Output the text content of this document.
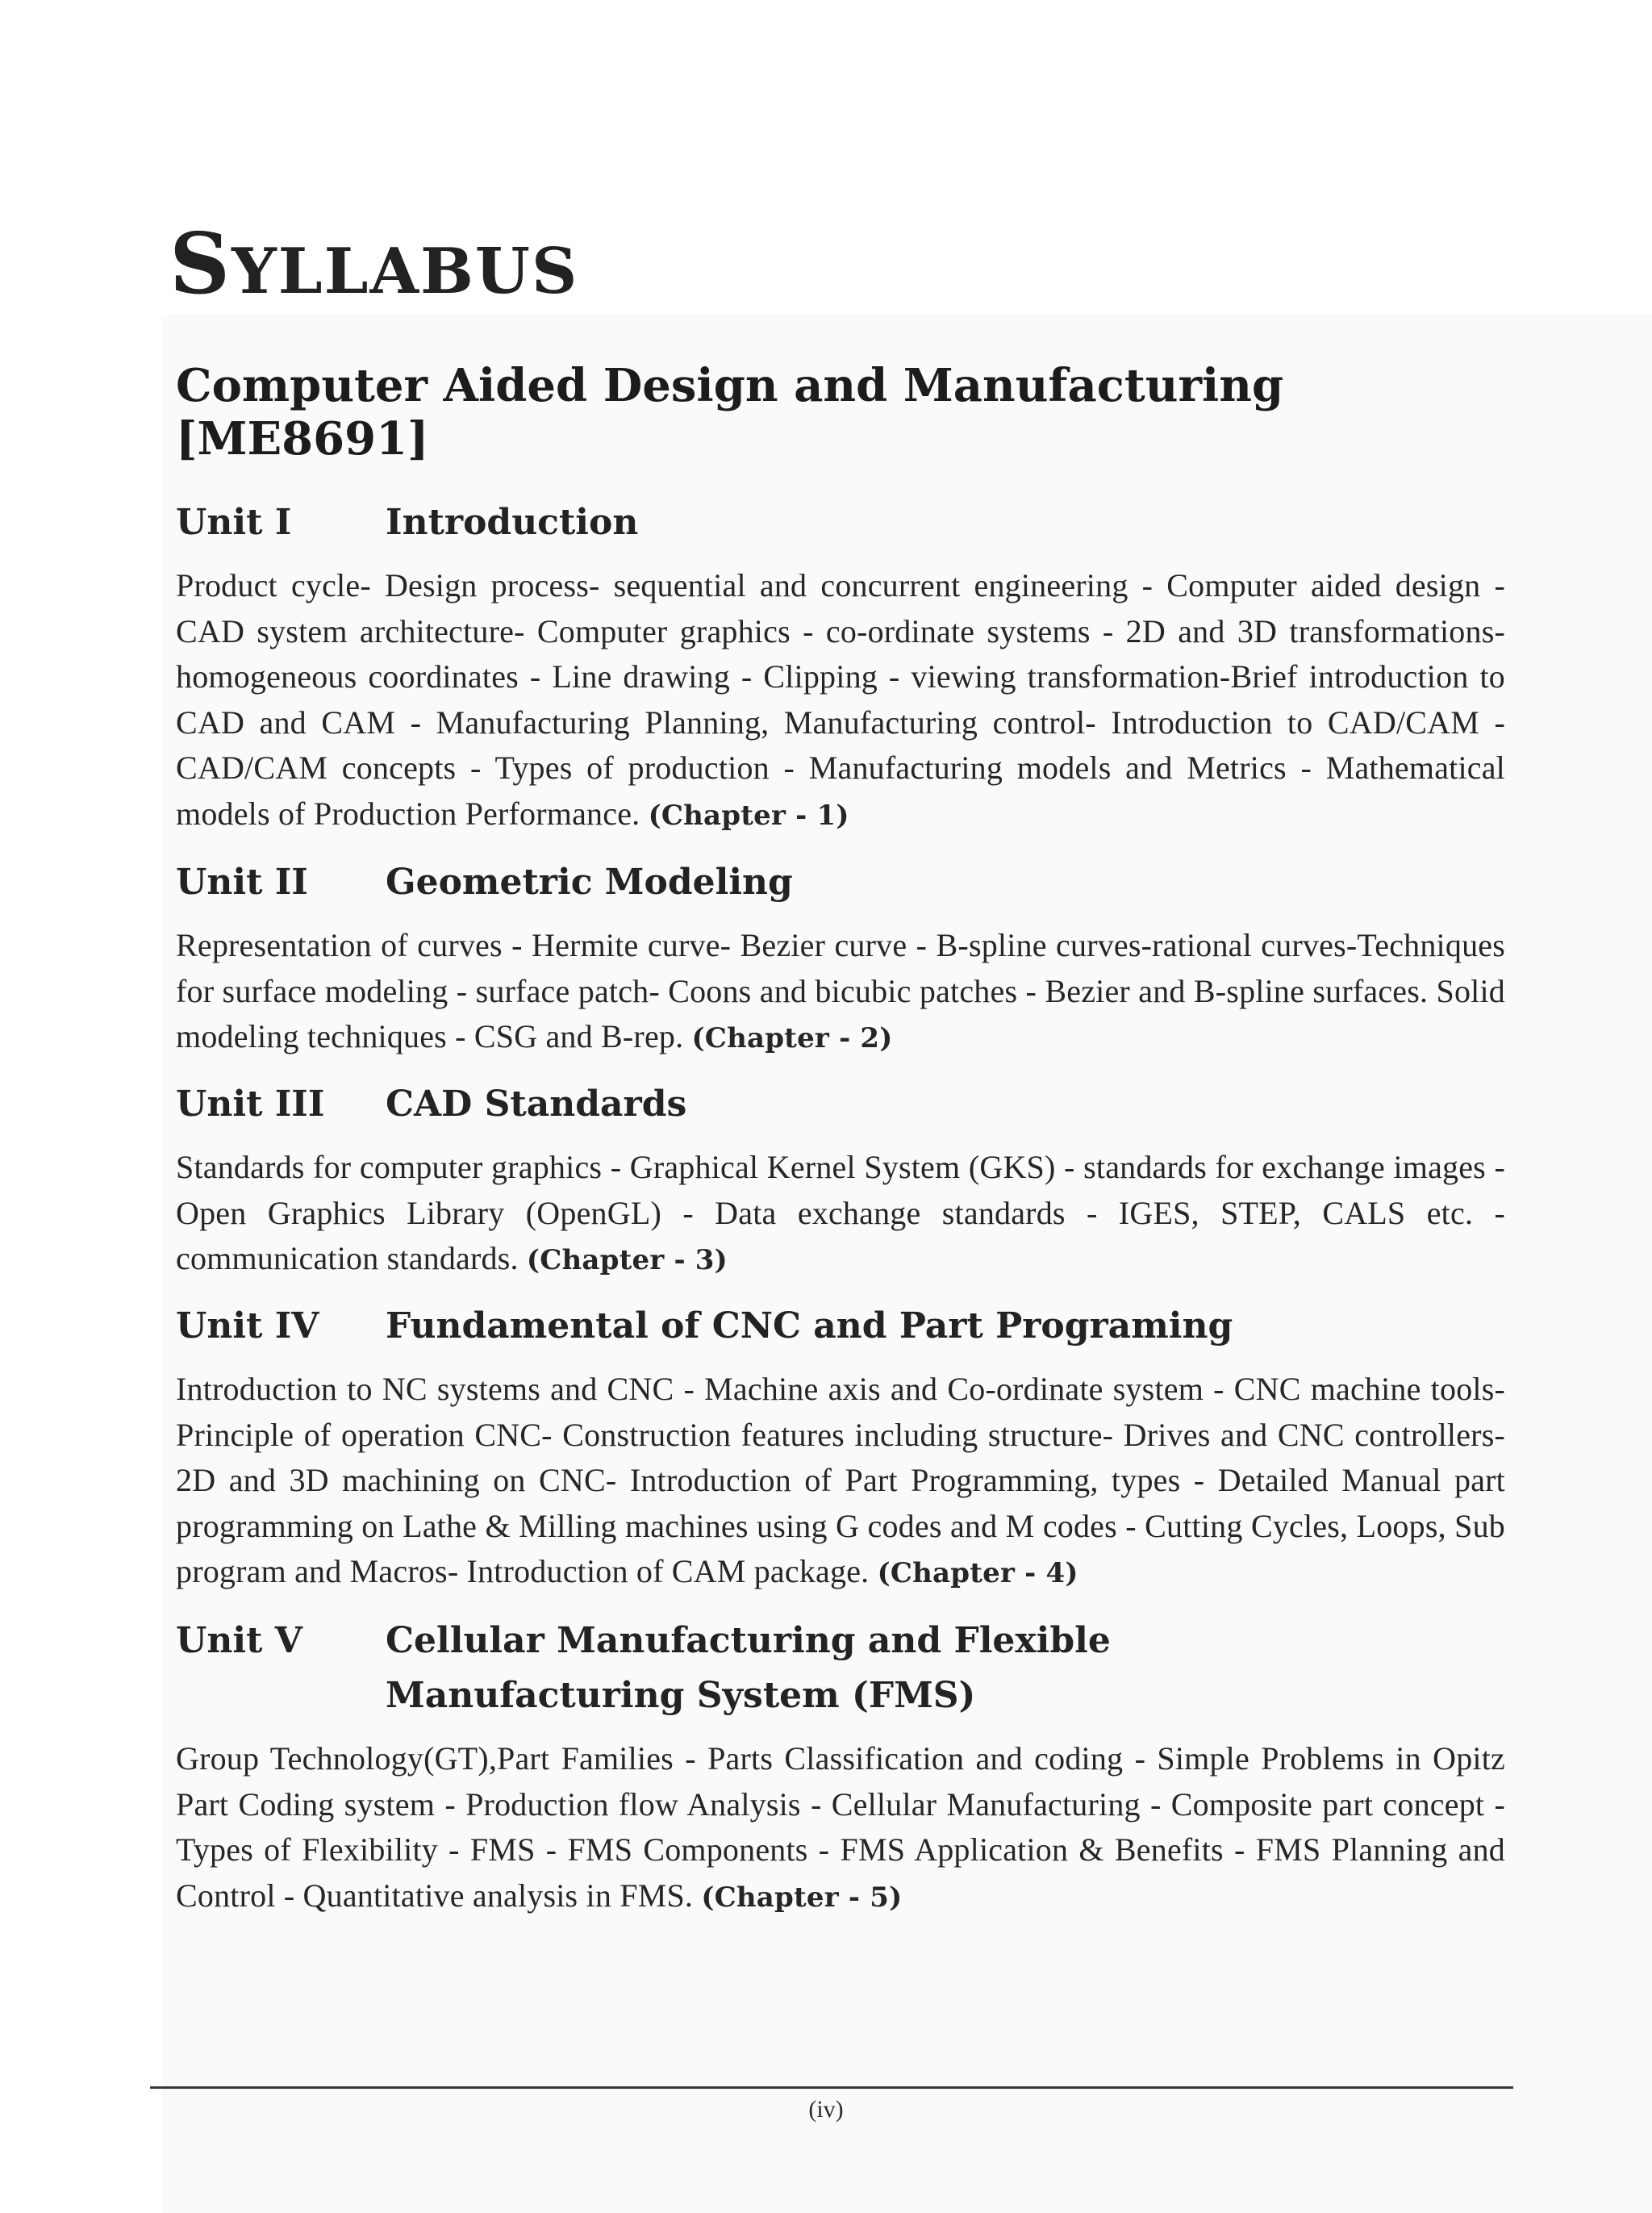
SYLLABUS
Computer Aided Design and Manufacturing
[ME8691]
Unit I	Introduction

Product cycle- Design process- sequential and concurrent engineering - Computer aided design - CAD system architecture- Computer graphics - co-ordinate systems - 2D and 3D transformations- homogeneous coordinates - Line drawing - Clipping - viewing transformation-Brief introduction to CAD and CAM - Manufacturing Planning, Manufacturing control- Introduction to CAD/CAM - CAD/CAM concepts - Types of production - Manufacturing models and Metrics - Mathematical models of Production Performance. (Chapter - 1)

Unit II	Geometric Modeling

Representation of curves - Hermite curve- Bezier curve - B-spline curves-rational curves-Techniques for surface modeling - surface patch- Coons and bicubic patches - Bezier and B-spline surfaces. Solid modeling techniques - CSG and B-rep. (Chapter - 2)

Unit III	CAD Standards

Standards for computer graphics - Graphical Kernel System (GKS) - standards for exchange images - Open Graphics Library (OpenGL) - Data exchange standards - IGES, STEP, CALS etc. - communication standards. (Chapter - 3)

Unit IV	Fundamental of CNC and Part Programing

Introduction to NC systems and CNC - Machine axis and Co-ordinate system - CNC machine tools- Principle of operation CNC- Construction features including structure- Drives and CNC controllers- 2D and 3D machining on CNC- Introduction of Part Programming, types - Detailed Manual part programming on Lathe & Milling machines using G codes and M codes - Cutting Cycles, Loops, Sub program and Macros- Introduction of CAM package. (Chapter - 4)

Unit V	Cellular Manufacturing and Flexible
Manufacturing System (FMS)

Group Technology(GT),Part Families - Parts Classification and coding - Simple Problems in Opitz Part Coding system - Production flow Analysis - Cellular Manufacturing - Composite part concept - Types of Flexibility - FMS - FMS Components - FMS Application & Benefits - FMS Planning and Control - Quantitative analysis in FMS. (Chapter - 5)

(iv)
